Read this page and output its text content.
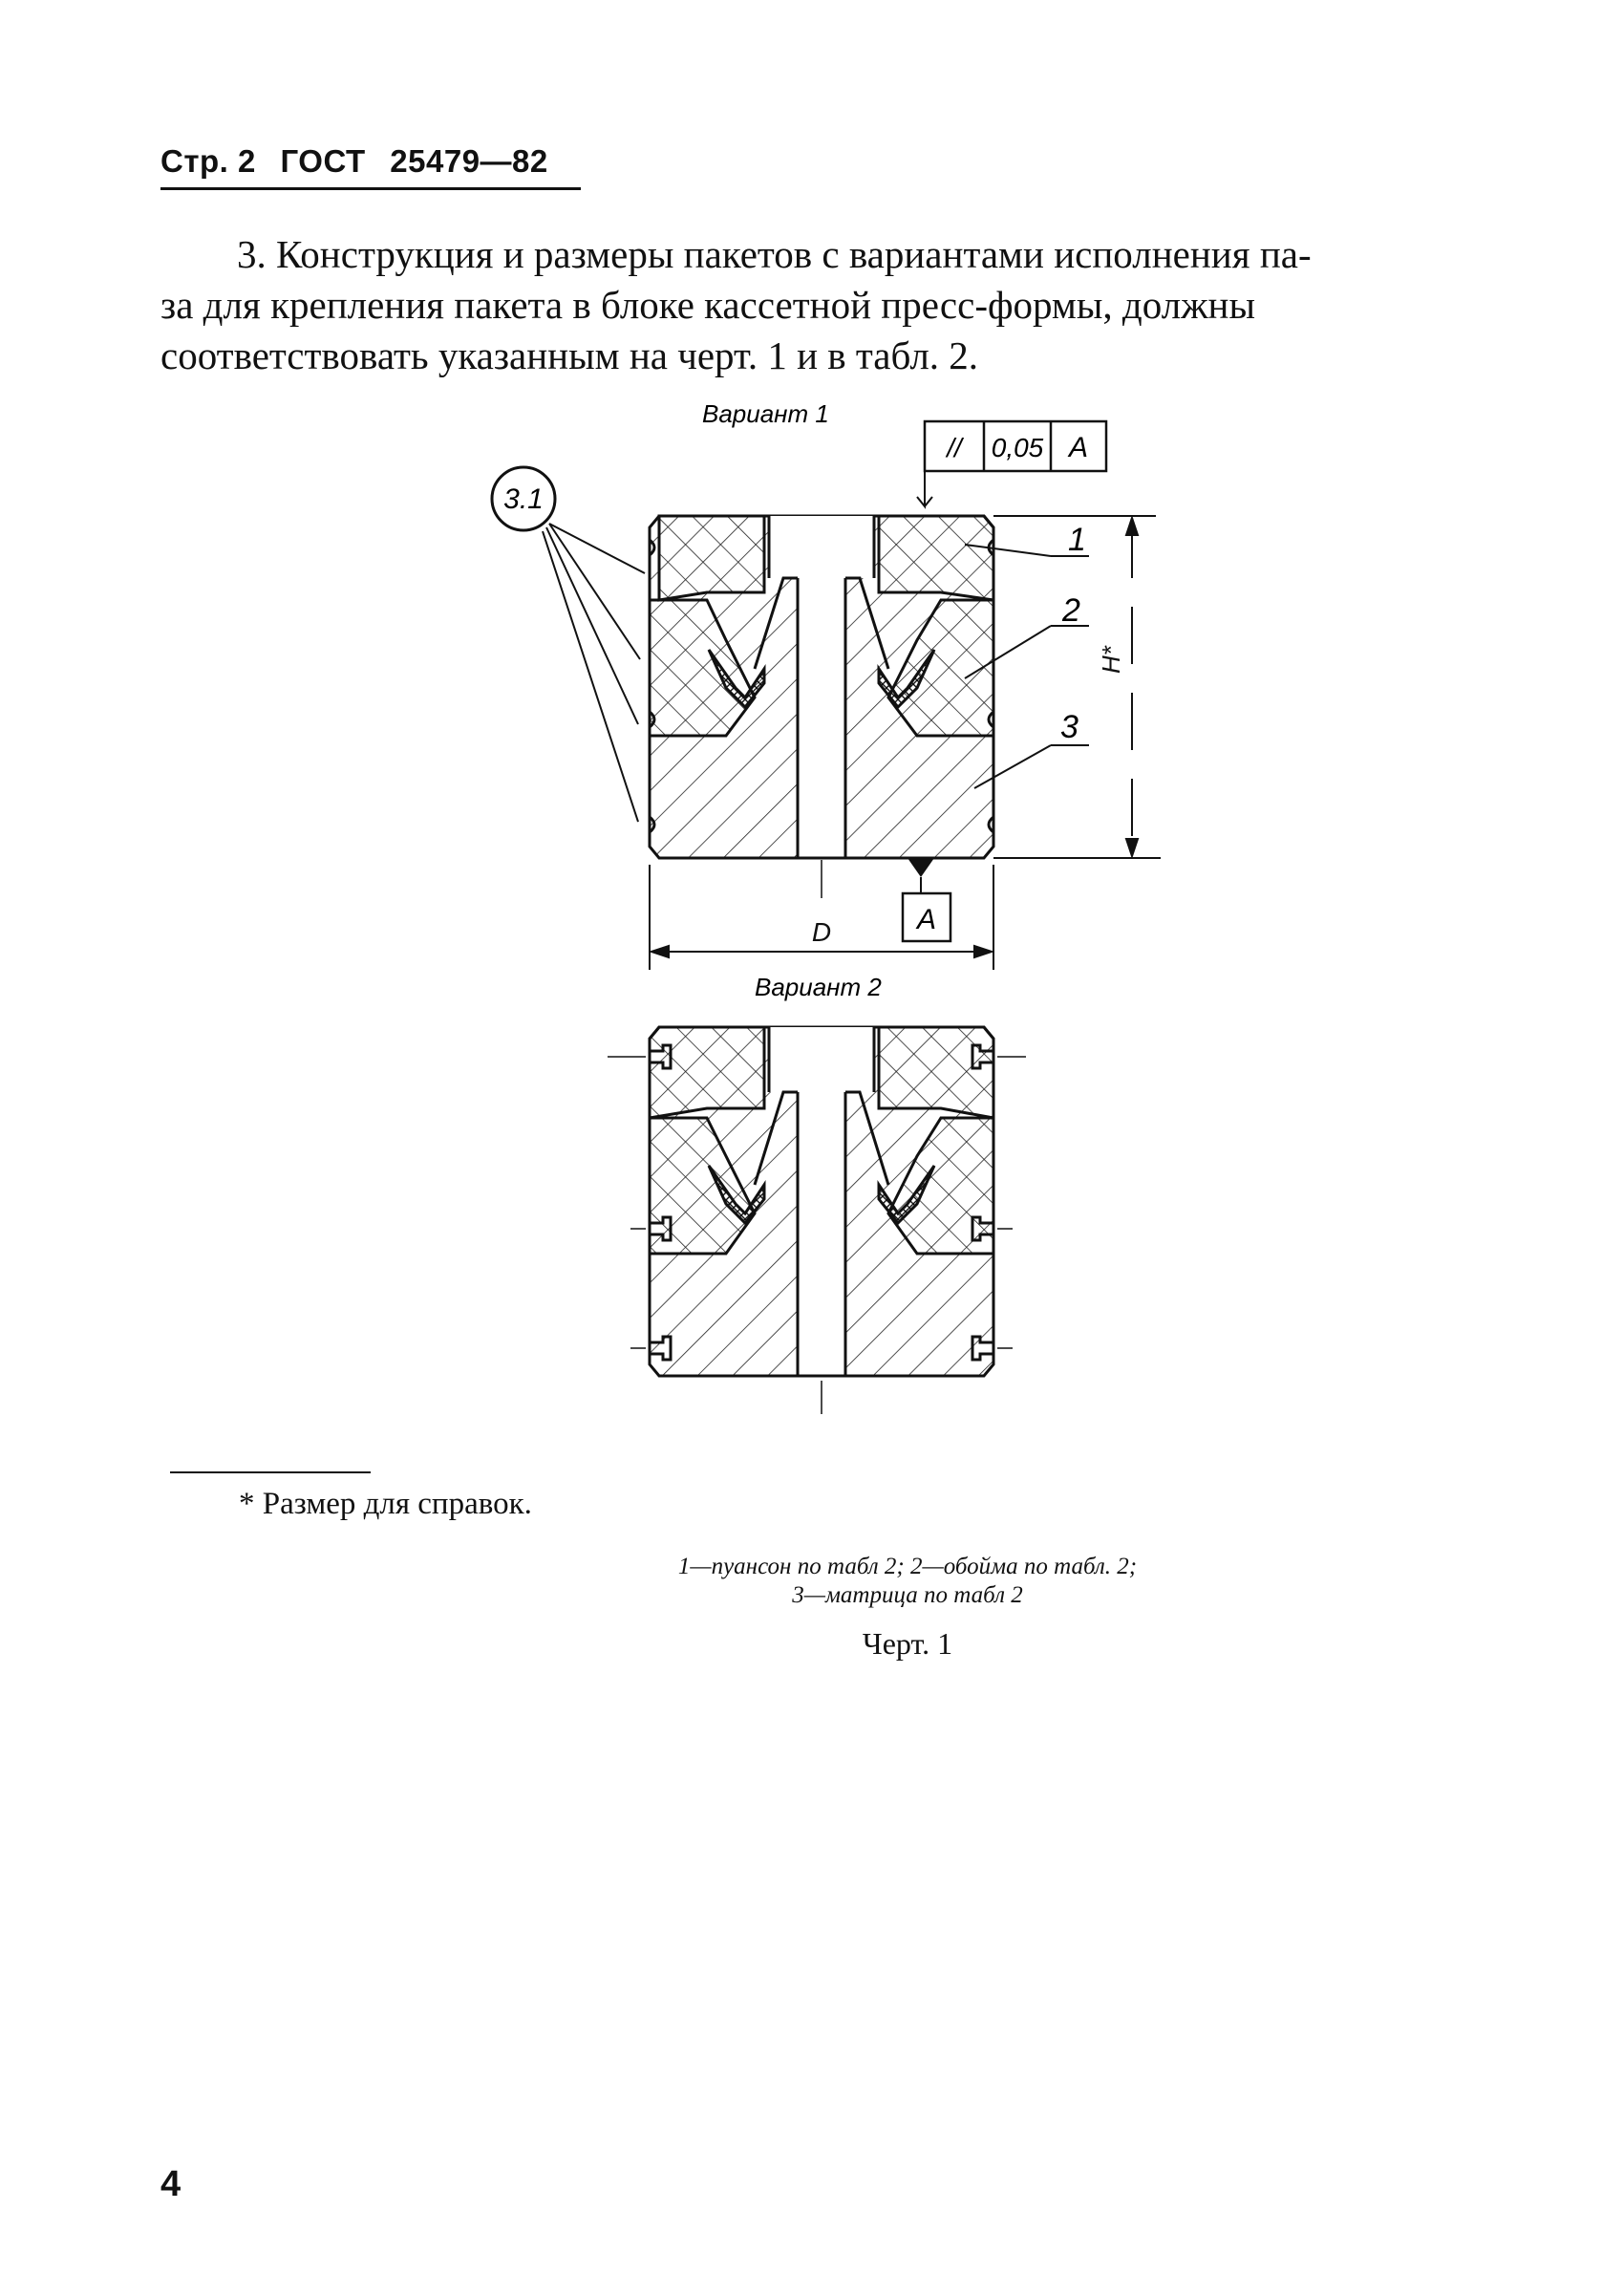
Стр. 2 ГОСТ 25479—82
3. Конструкция и размеры пакетов с вариантами исполнения па-
за для крепления пакета в блоке кассетной пресс-формы, должны
соответствовать указанным на черт. 1 и в табл. 2.
Вариант 1
3.1
// 0,05 A
A
D
H*
1
2
3
Вариант 2
* Размер для справок.
1—пуансон по табл 2; 2—обойма по табл. 2;
3—матрица по табл 2
Черт. 1
4
